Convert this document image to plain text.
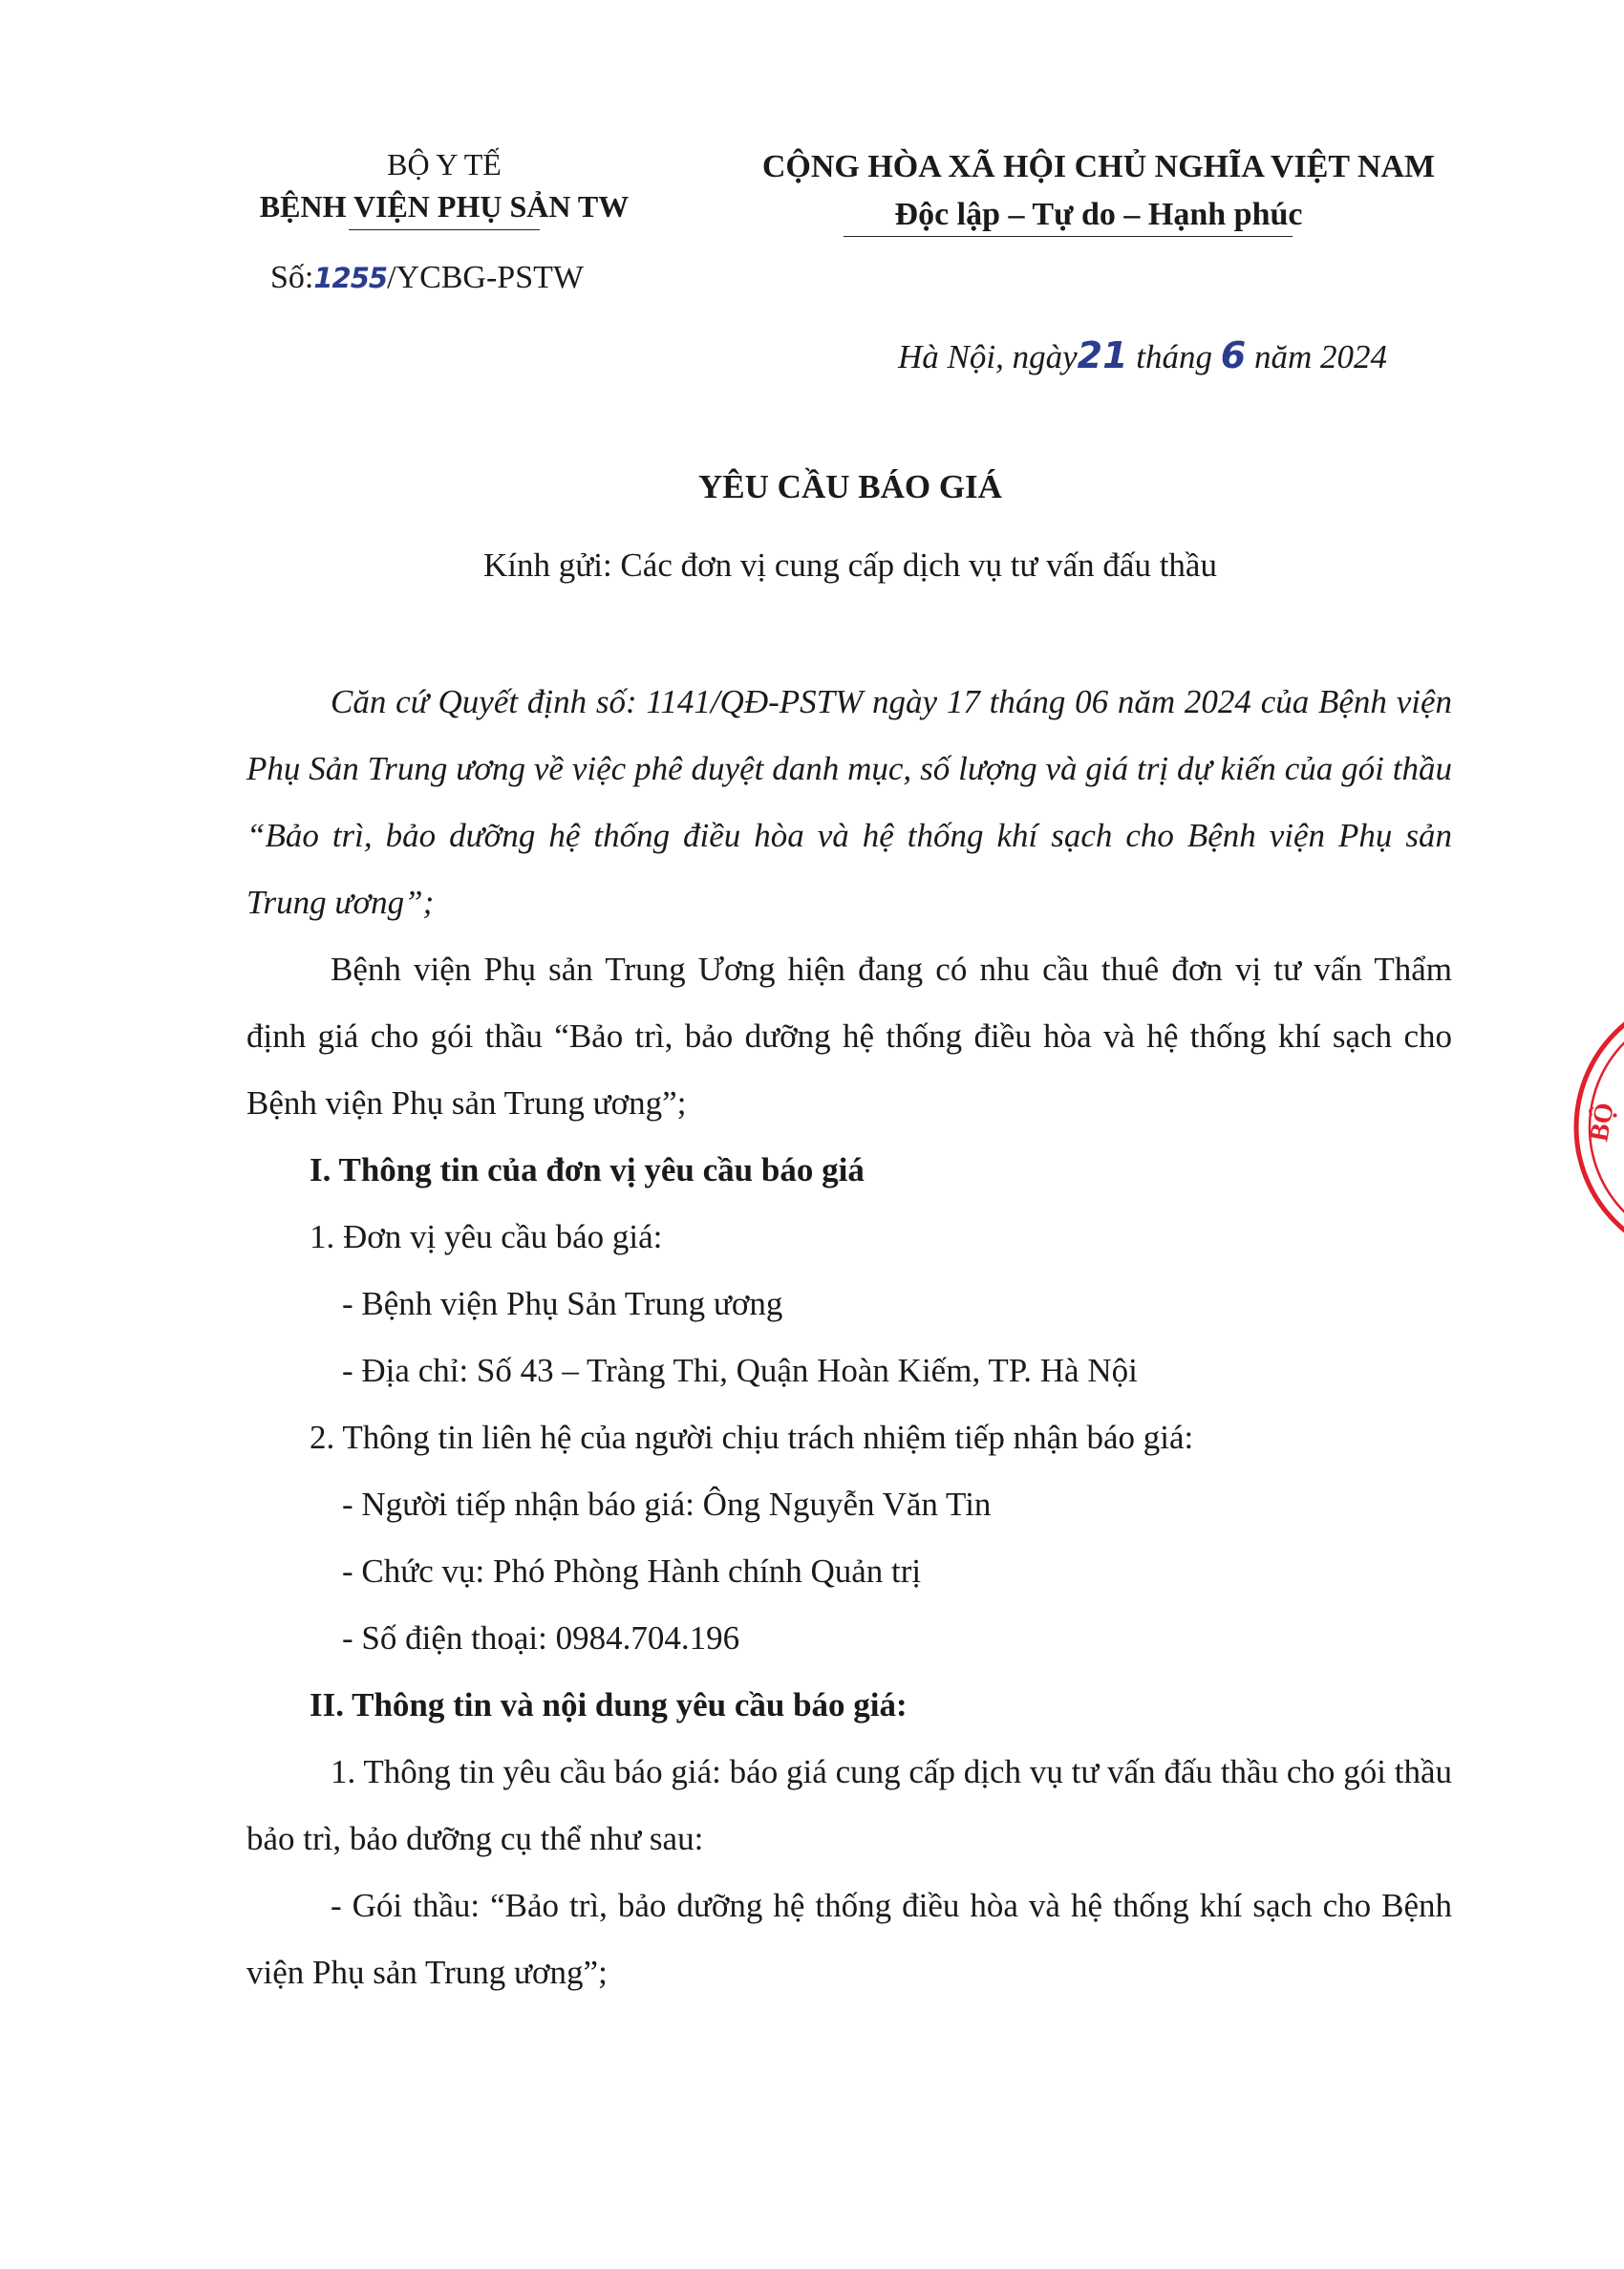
BỘ Y TẾ
BỆNH VIỆN PHỤ SẢN TW
Số:1255/YCBG-PSTW
CỘNG HÒA XÃ HỘI CHỦ NGHĨA VIỆT NAM
Độc lập – Tự do – Hạnh phúc
Hà Nội, ngày21 tháng 6 năm 2024
YÊU CẦU BÁO GIÁ
Kính gửi: Các đơn vị cung cấp dịch vụ tư vấn đấu thầu

Căn cứ Quyết định số: 1141/QĐ-PSTW ngày 17 tháng 06 năm 2024 của Bệnh viện Phụ Sản Trung ương về việc phê duyệt danh mục, số lượng và giá trị dự kiến của gói thầu “Bảo trì, bảo dưỡng hệ thống điều hòa và hệ thống khí sạch cho Bệnh viện Phụ sản Trung ương”;

Bệnh viện Phụ sản Trung Ương hiện đang có nhu cầu thuê đơn vị tư vấn Thẩm định giá cho gói thầu “Bảo trì, bảo dưỡng hệ thống điều hòa và hệ thống khí sạch cho Bệnh viện Phụ sản Trung ương”;

I. Thông tin của đơn vị yêu cầu báo giá

1. Đơn vị yêu cầu báo giá:

- Bệnh viện Phụ Sản Trung ương

- Địa chỉ: Số 43 – Tràng Thi, Quận Hoàn Kiếm, TP. Hà Nội

2. Thông tin liên hệ của người chịu trách nhiệm tiếp nhận báo giá:

- Người tiếp nhận báo giá: Ông Nguyễn Văn Tin

- Chức vụ: Phó Phòng Hành chính Quản trị

- Số điện thoại: 0984.704.196

II. Thông tin và nội dung yêu cầu báo giá:

1. Thông tin yêu cầu báo giá: báo giá cung cấp dịch vụ tư vấn đấu thầu cho gói thầu bảo trì, bảo dưỡng cụ thể như sau:

- Gói thầu: “Bảo trì, bảo dưỡng hệ thống điều hòa và hệ thống khí sạch cho Bệnh viện Phụ sản Trung ương”;

BỘ
